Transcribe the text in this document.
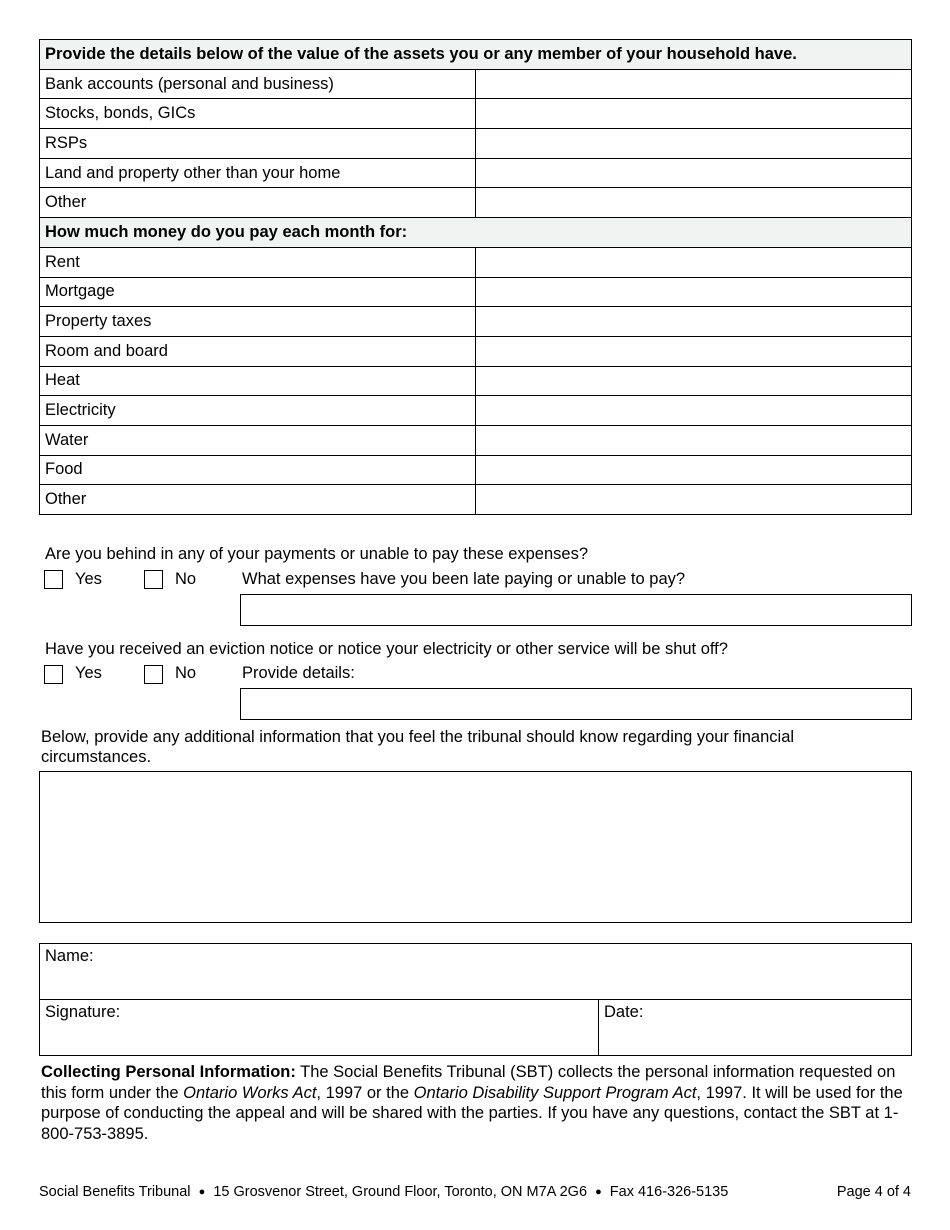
Provide the details below of the value of the assets you or any member of your household have.	
Bank accounts (personal and business)	
Stocks, bonds, GICs	
RSPs	
Land and property other than your home	
Other	
How much money do you pay each month for:	
Rent	
Mortgage	
Property taxes	
Room and board	
Heat	
Electricity	
Water	
Food	
Other	
Are you behind in any of your payments or unable to pay these expenses?
Yes	No	What expenses have you been late paying or unable to pay?
Have you received an eviction notice or notice your electricity or other service will be shut off?
Yes	No	Provide details:
Below, provide any additional information that you feel the tribunal should know regarding your financial
circumstances.
Name:
Signature:	Date:
Collecting Personal Information: The Social Benefits Tribunal (SBT) collects the personal information requested on this form under the Ontario Works Act, 1997 or the Ontario Disability Support Program Act, 1997. It will be used for the purpose of conducting the appeal and will be shared with the parties. If you have any questions, contact the SBT at 1-800-753-3895.
Social Benefits Tribunal ● 15 Grosvenor Street, Ground Floor, Toronto, ON M7A 2G6 ● Fax 416-326-5135	Page 4 of 4
